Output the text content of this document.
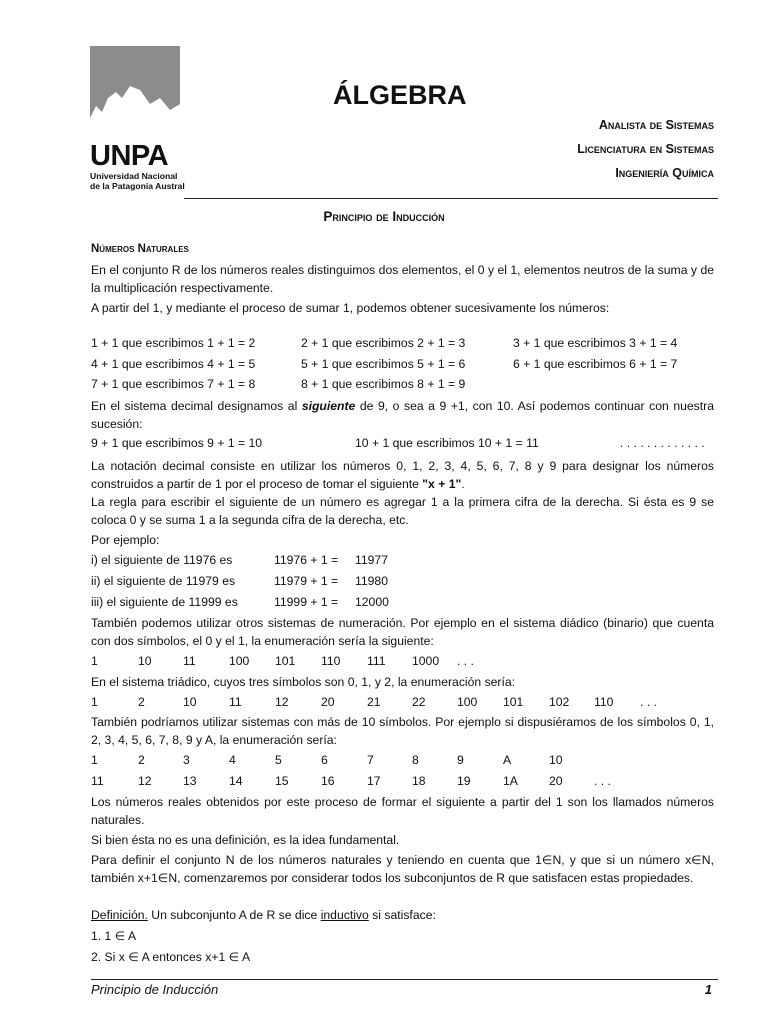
UNPA
Universidad Nacional
de la Patagonia Austral
ÁLGEBRA
Analista de Sistemas
Licenciatura en Sistemas
Ingeniería Química
Principio de Inducción
Números Naturales

En el conjunto R de los números reales distinguimos dos elementos, el 0 y el 1, elementos neutros de la suma y de la multiplicación respectivamente.

A partir del 1, y mediante el proceso de sumar 1, podemos obtener sucesivamente los números:

1 + 1 que escribimos 1 + 1 = 2	2 + 1 que escribimos 2 + 1 = 3	3 + 1 que escribimos 3 + 1 = 4
4 + 1 que escribimos 4 + 1 = 5	5 + 1 que escribimos 5 + 1 = 6	6 + 1 que escribimos 6 + 1 = 7
7 + 1 que escribimos 7 + 1 = 8	8 + 1 que escribimos 8 + 1 = 9

En el sistema decimal designamos al siguiente de 9, o sea a 9 +1, con 10. Así podemos continuar con nuestra sucesión:

9 + 1 que escribimos 9 + 1 = 10	10 + 1 que escribimos 10 + 1 = 11	. . . . . . . . . . . . .

La notación decimal consiste en utilizar los números 0, 1, 2, 3, 4, 5, 6, 7, 8 y 9 para designar los números construidos a partir de 1 por el proceso de tomar el siguiente "x + 1".

La regla para escribir el siguiente de un número es agregar 1 a la primera cifra de la derecha. Si ésta es 9 se coloca 0 y se suma 1 a la segunda cifra de la derecha, etc.

Por ejemplo:

i) el siguiente de 11976 es	11976 + 1 = 11977
ii) el siguiente de 11979 es	11979 + 1 = 11980
iii) el siguiente de 11999 es	11999 + 1 = 12000

También podemos utilizar otros sistemas de numeración. Por ejemplo en el sistema diádico (binario) que cuenta con dos símbolos, el 0 y el 1, la enumeración sería la siguiente:

1	10	11	100 101 110 111 1000 . . .

En el sistema triádico, cuyos tres símbolos son 0, 1, y 2, la enumeración sería:

1	2	10	11	12	20	21	22	100 101 102 110 . . .

También podríamos utilizar sistemas con más de 10 símbolos. Por ejemplo si dispusiéramos de los símbolos 0, 1, 2, 3, 4, 5, 6, 7, 8, 9 y A, la enumeración sería:

1	2	3	4	5	6	7	8	9	A	10
11	12	13	14	15	16	17	18	19	1A	20	. . .

Los números reales obtenidos por este proceso de formar el siguiente a partir del 1 son los llamados números naturales.

Si bien ésta no es una definición, es la idea fundamental.

Para definir el conjunto N de los números naturales y teniendo en cuenta que 1∈N, y que si un número x∈N, también x+1∈N, comenzaremos por considerar todos los subconjuntos de R que satisfacen estas propiedades.

Definición. Un subconjunto A de R se dice inductivo si satisface:

1. 1 ∈ A
2. Si x ∈ A entonces x+1 ∈ A
Principio de Inducción	1
